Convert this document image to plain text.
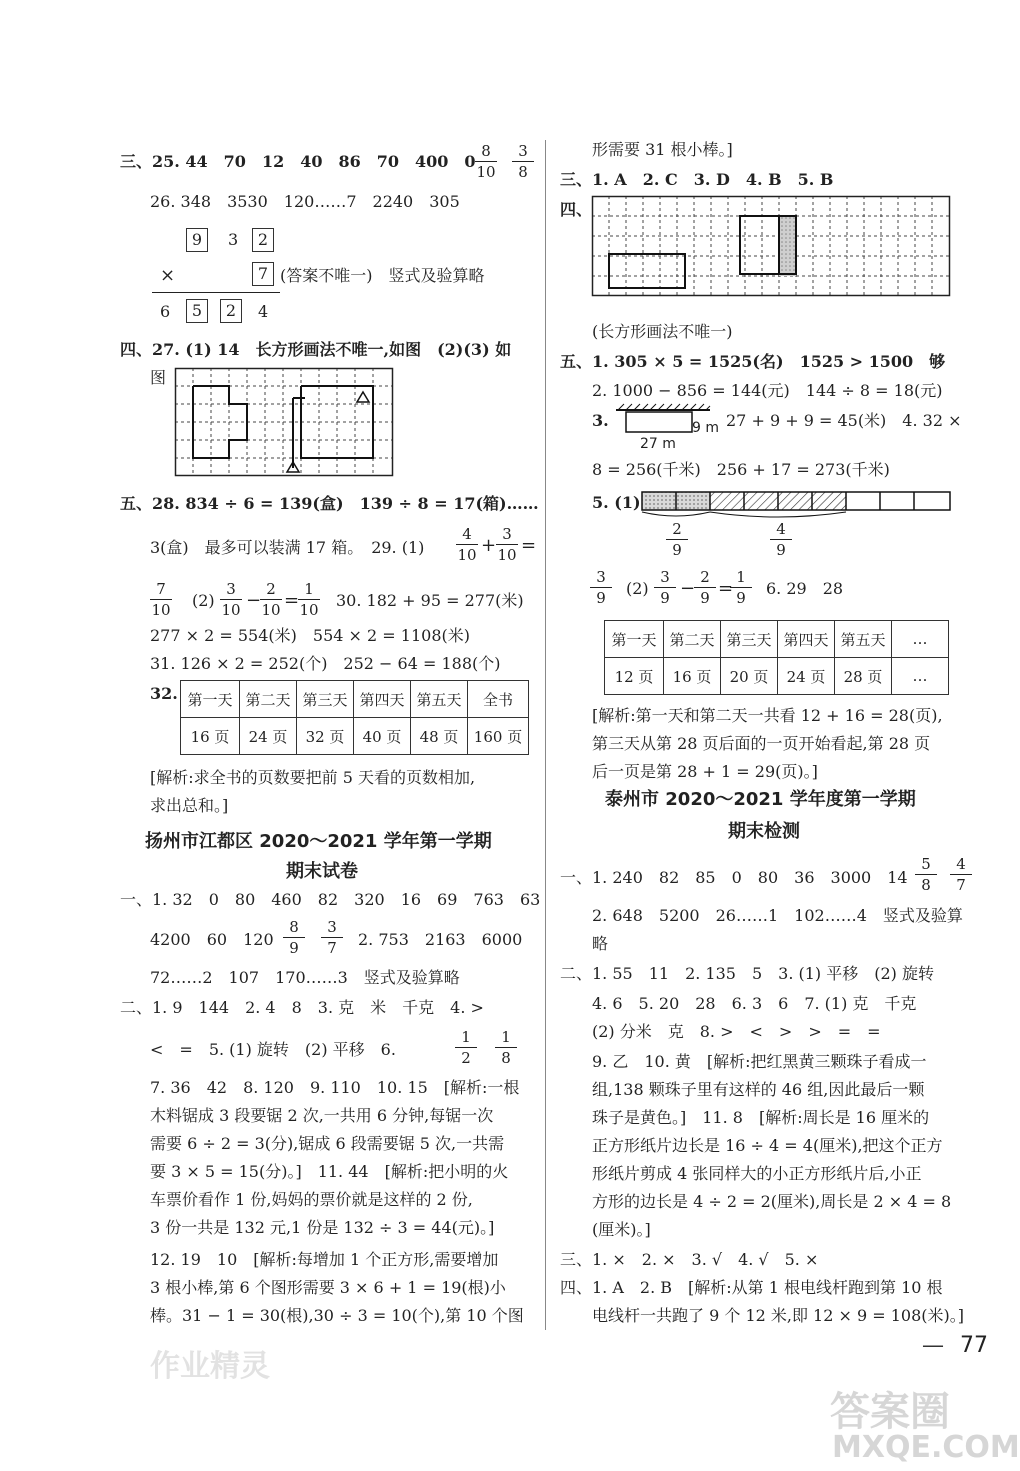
三、25. 44　70　12　40　86　70　400　0
8
10
3
8
26. 348　3530　120……7　2240　305
9	3	2
×	7 (答案不唯一)　竖式及验算略
6	5	2	4
四、27. (1) 14　长方形画法不唯一,如图　(2)(3) 如
图
五、28. 834 ÷ 6 = 139(盒)　139 ÷ 8 = 17(箱)……
3(盒)　最多可以装满 17 箱。　29. (1)
4
10 +
3
10 =
7
10 (2)
3
10 −
2
10 =
1
10 30. 182 + 95 = 277(米)
277 × 2 = 554(米)　554 × 2 = 1108(米)
31. 126 × 2 = 252(个)　252 − 64 = 188(个)
32. 第一天	第二天	第三天	第四天	第五天	全书
16 页	24 页	32 页	40 页	48 页	160 页
[解析:求全书的页数要把前 5 天看的页数相加,
求出总和。]
扬州市江都区 2020～2021 学年第一学期
期末试卷
一、1. 32　0　80　460　82　320　16　69　763　63
4200　60　120
8
9
3
7	2. 753　2163　6000
72……2　107　170……3　竖式及验算略
二、1. 9　144　2. 4　8　3. 克　米　千克　4. >
<　=　5. (1) 旋转　(2) 平移　6.
1
2
1
8
7. 36　42　8. 120　9. 110　10. 15　[解析:一根
木料锯成 3 段要锯 2 次,一共用 6 分钟,每锯一次
需要 6 ÷ 2 = 3(分),锯成 6 段需要锯 5 次,一共需
要 3 × 5 = 15(分)。]　11. 44　[解析:把小明的火
车票价看作 1 份,妈妈的票价就是这样的 2 份,
3 份一共是 132 元,1 份是 132 ÷ 3 = 44(元)。]
12. 19　10　[解析:每增加 1 个正方形,需要增加
3 根小棒,第 6 个图形需要 3 × 6 + 1 = 19(根)小
棒。31 − 1 = 30(根),30 ÷ 3 = 10(个),第 10 个图
作业精灵
形需要 31 根小棒。]
三、1. A　2. C　3. D　4. B　5. B
四、
(长方形画法不唯一)
五、1. 305 × 5 = 1525(名)　1525 > 1500　够
2. 1000 − 856 = 144(元)　144 ÷ 8 = 18(元)
3.	9 m
27 m
27 + 9 + 9 = 45(米)　4. 32 ×
8 = 256(千米)　256 + 17 = 273(千米)
5. (1)
2
9
4
9
3
9	(2)
3
9 −
2
9 =
1
9	6. 29　28
第一天	第二天	第三天	第四天	第五天	…
12 页	16 页	20 页	24 页	28 页	…
[解析:第一天和第二天一共看 12 + 16 = 28(页),
第三天从第 28 页后面的一页开始看起,第 28 页
后一页是第 28 + 1 = 29(页)。]
泰州市 2020～2021 学年度第一学期
期末检测
一、1. 240　82　85　0　80　36　3000　14
5
8
4
7
2. 648　5200　26……1　102……4　竖式及验算
略
二、1. 55　11　2. 135　5　3. (1) 平移　(2) 旋转
4. 6　5. 20　28　6. 3　6　7. (1) 克　千克
(2) 分米　克　8. >　<　>　>　=　=
9. 乙　10. 黄　[解析:把红黑黄三颗珠子看成一
组,138 颗珠子里有这样的 46 组,因此最后一颗
珠子是黄色。]　11. 8　[解析:周长是 16 厘米的
正方形纸片边长是 16 ÷ 4 = 4(厘米),把这个正方
形纸片剪成 4 张同样大的小正方形纸片后,小正
方形的边长是 4 ÷ 2 = 2(厘米),周长是 2 × 4 = 8
(厘米)。]
三、1. ×　2. ×　3. √　4. √　5. ×
四、1. A　2. B　[解析:从第 1 根电线杆跑到第 10 根
电线杆一共跑了 9 个 12 米,即 12 × 9 = 108(米)。]
— 77
答案圈
MXQE.COM
